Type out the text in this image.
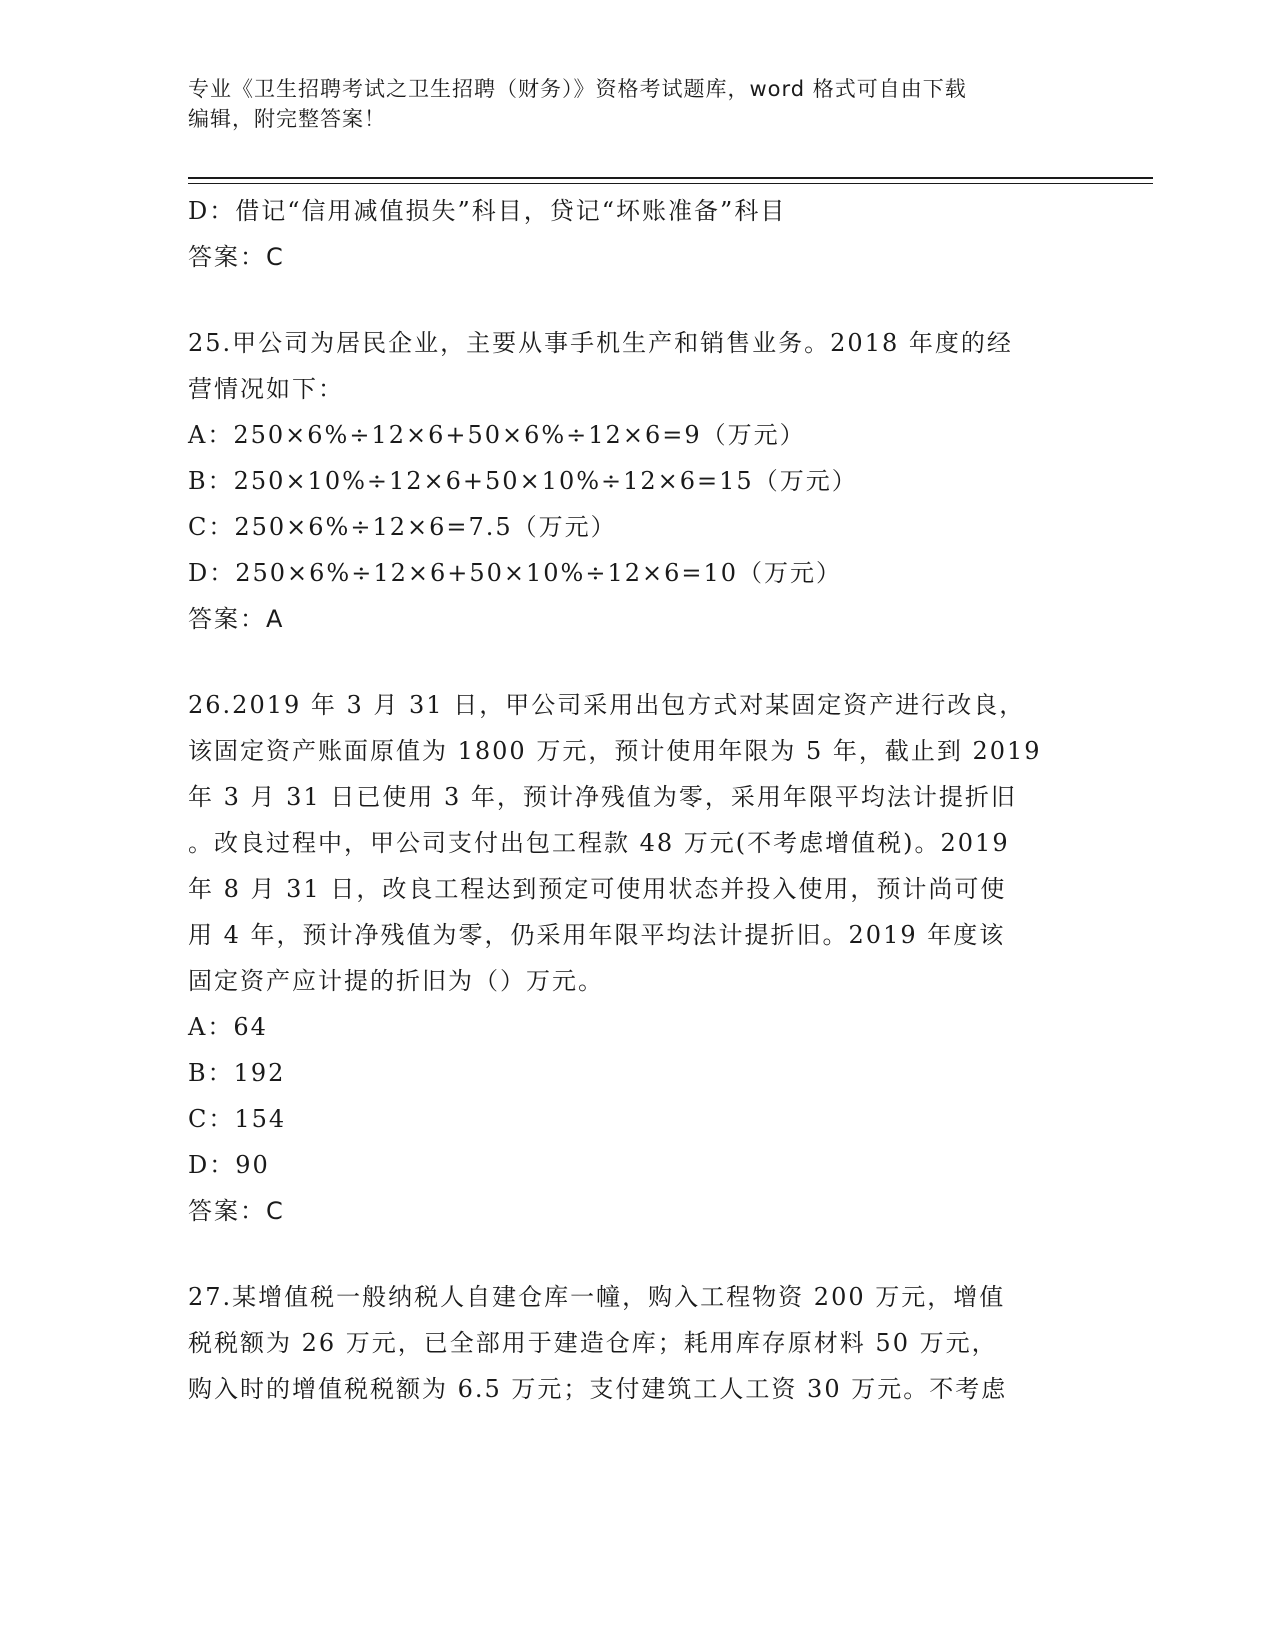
专业《卫生招聘考试之卫生招聘（财务）》资格考试题库，word 格式可自由下载
编辑，附完整答案！
D：借记“信用减值损失”科目，贷记“坏账准备”科目
答案：C
25.甲公司为居民企业，主要从事手机生产和销售业务。2018 年度的经
营情况如下：
A：250×6%÷12×6+50×6%÷12×6=9（万元）
B：250×10%÷12×6+50×10%÷12×6=15（万元）
C：250×6%÷12×6=7.5（万元）
D：250×6%÷12×6+50×10%÷12×6=10（万元）
答案：A
26.2019 年 3 月 31 日，甲公司采用出包方式对某固定资产进行改良，
该固定资产账面原值为 1800 万元，预计使用年限为 5 年，截止到 2019
年 3 月 31 日已使用 3 年，预计净残值为零，采用年限平均法计提折旧
。改良过程中，甲公司支付出包工程款 48 万元(不考虑增值税)。2019
年 8 月 31 日，改良工程达到预定可使用状态并投入使用，预计尚可使
用 4 年，预计净残值为零，仍采用年限平均法计提折旧。2019 年度该
固定资产应计提的折旧为（）万元。
A：64
B：192
C：154
D：90
答案：C
27.某增值税一般纳税人自建仓库一幢，购入工程物资 200 万元，增值
税税额为 26 万元，已全部用于建造仓库；耗用库存原材料 50 万元，
购入时的增值税税额为 6.5 万元；支付建筑工人工资 30 万元。不考虑
